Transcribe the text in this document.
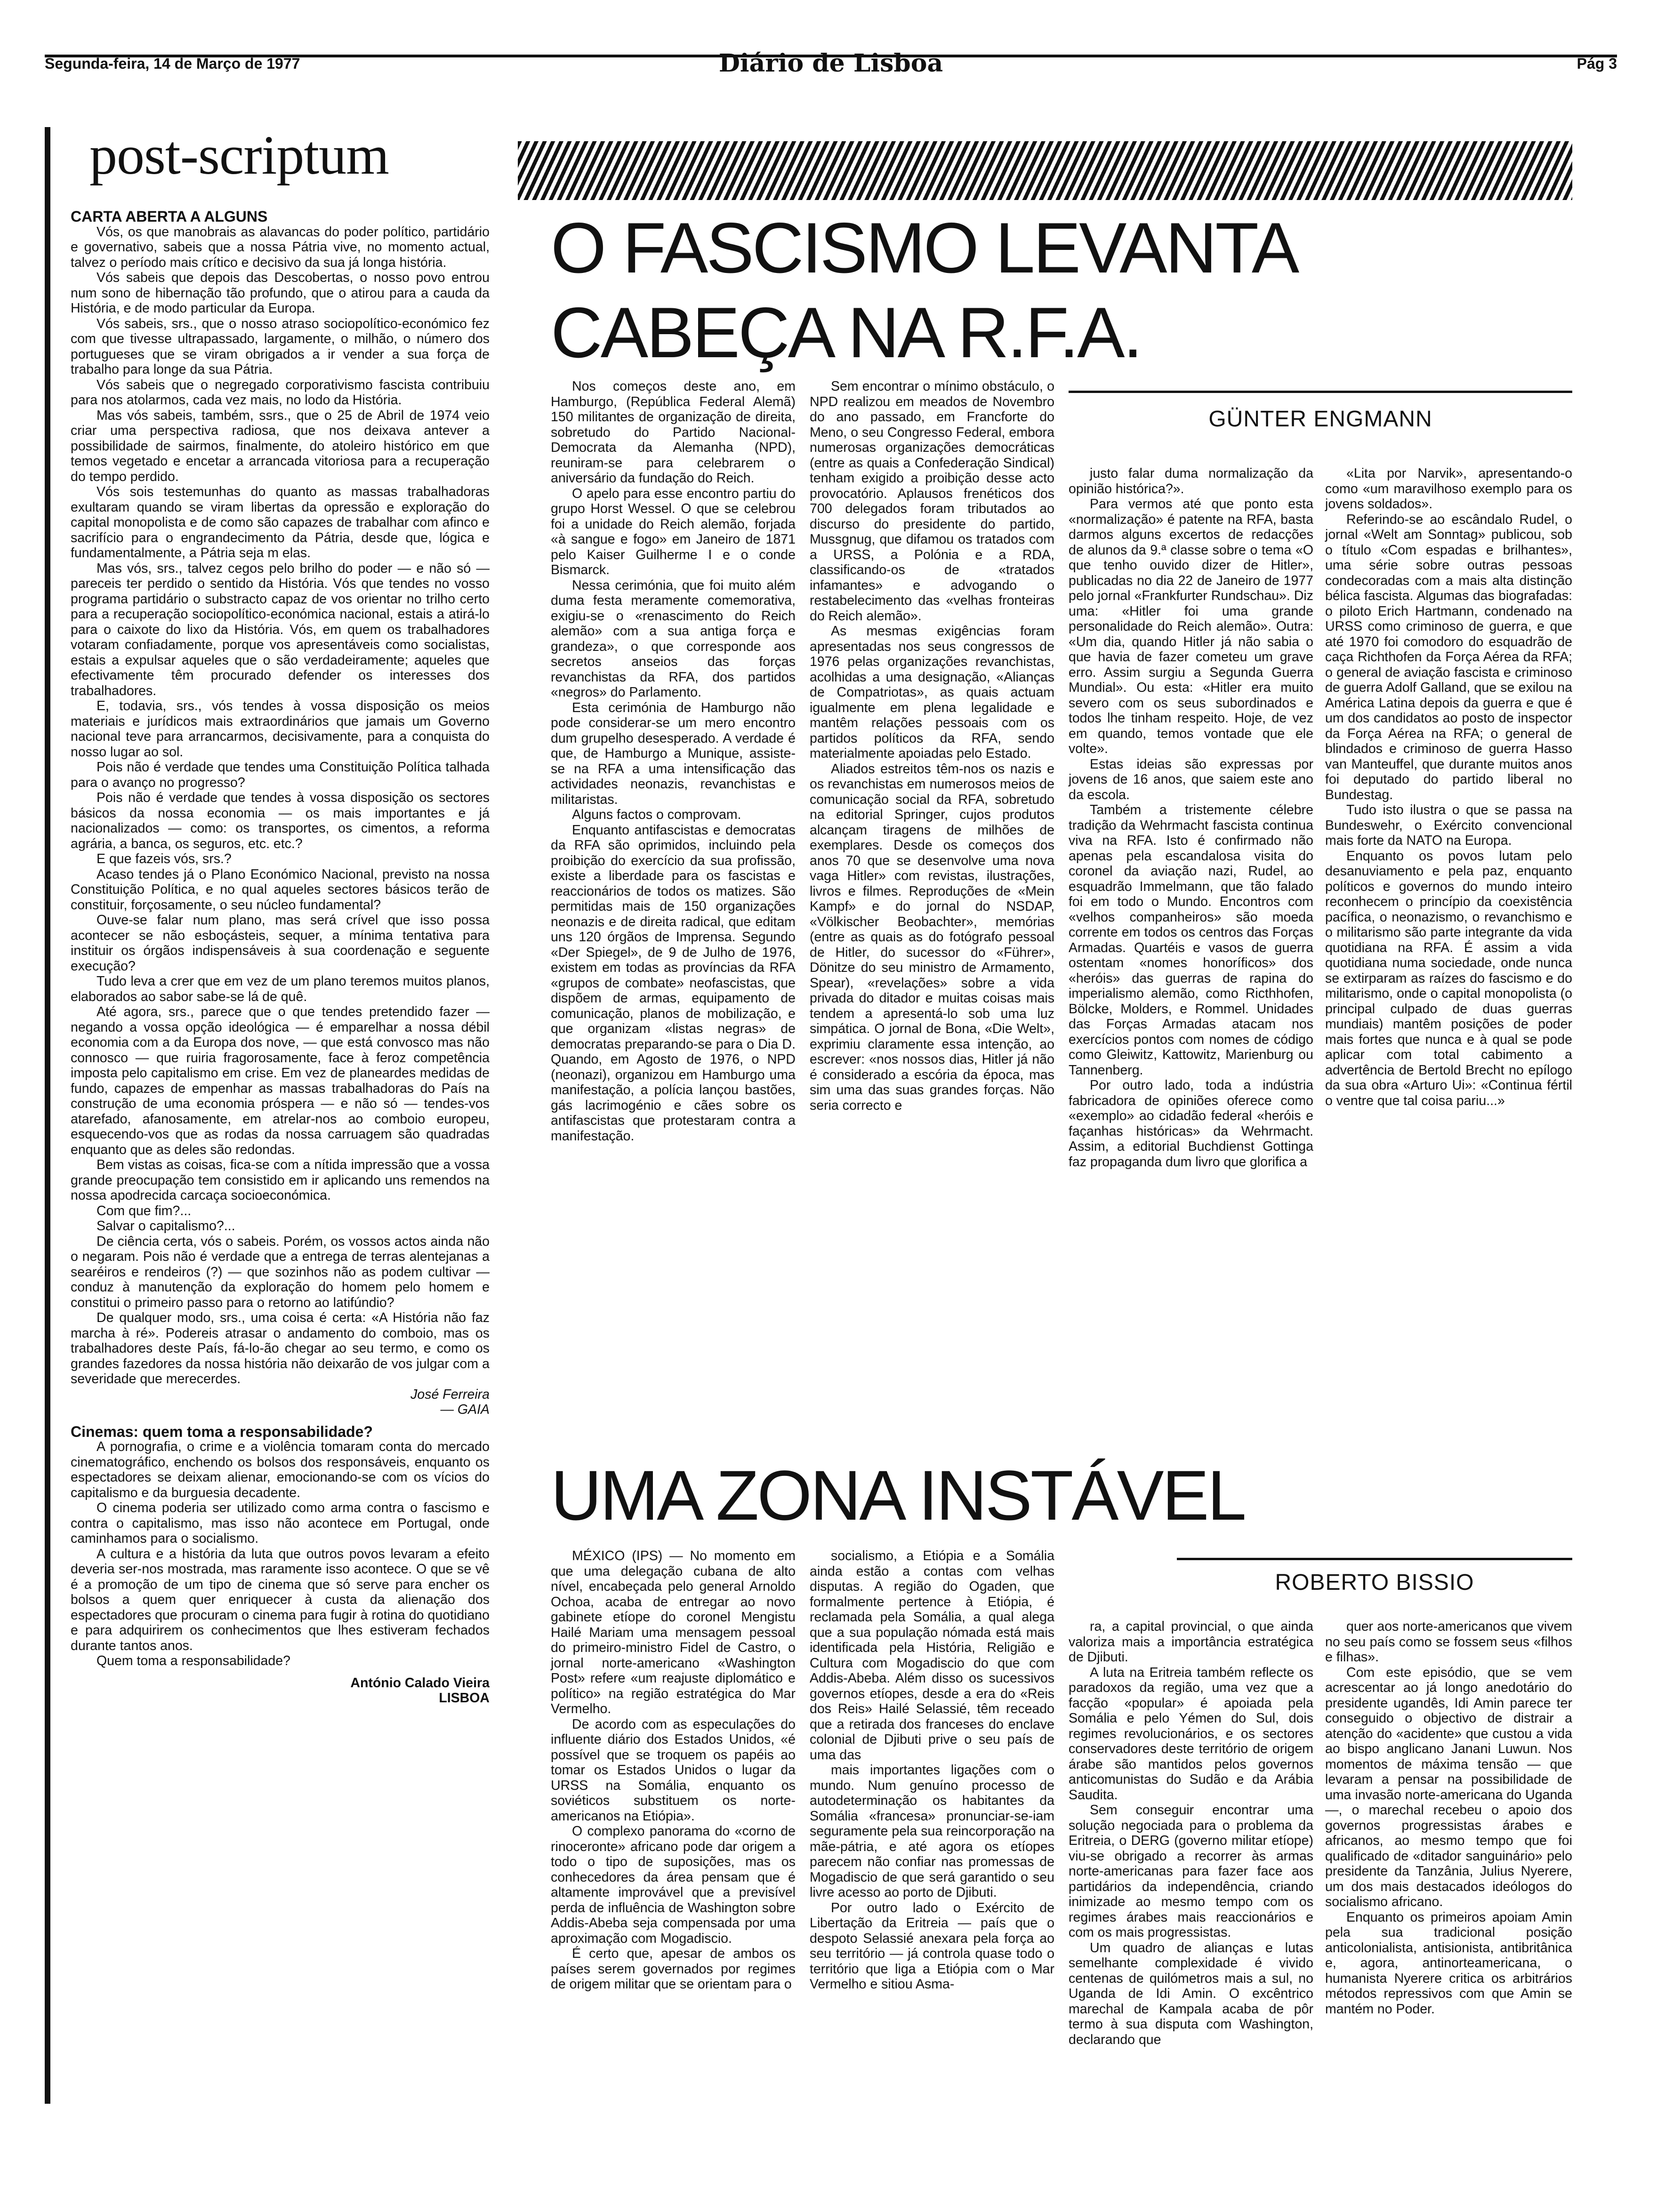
Segunda-feira, 14 de Março de 1977	Diário de Lisboa	Pág 3
post-scriptum

CARTA ABERTA A ALGUNS

Vós, os que manobrais as alavancas do poder político, partidário e governativo, sabeis que a nossa Pátria vive, no momento actual, talvez o período mais crítico e decisivo da sua já longa história.

Vós sabeis que depois das Descobertas, o nosso povo entrou num sono de hibernação tão profundo, que o atirou para a cauda da História, e de modo particular da Europa.

Vós sabeis, srs., que o nosso atraso sociopolítico-económico fez com que tivesse ultrapassado, largamente, o milhão, o número dos portugueses que se viram obrigados a ir vender a sua força de trabalho para longe da sua Pátria.

Vós sabeis que o negregado corporativismo fascista contribuiu para nos atolarmos, cada vez mais, no lodo da História.

Mas vós sabeis, também, ssrs., que o 25 de Abril de 1974 veio criar uma perspectiva radiosa, que nos deixava antever a possibilidade de sairmos, finalmente, do atoleiro histórico em que temos vegetado e encetar a arrancada vitoriosa para a recuperação do tempo perdido.

Vós sois testemunhas do quanto as massas trabalhadoras exultaram quando se viram libertas da opressão e exploração do capital monopolista e de como são capazes de trabalhar com afinco e sacrifício para o engrandecimento da Pátria, desde que, lógica e fundamentalmente, a Pátria seja m elas.

Mas vós, srs., talvez cegos pelo brilho do poder — e não só — pareceis ter perdido o sentido da História. Vós que tendes no vosso programa partidário o substracto capaz de vos orientar no trilho certo para a recuperação sociopolítico-económica nacional, estais a atirá-lo para o caixote do lixo da História. Vós, em quem os trabalhadores votaram confiadamente, porque vos apresentáveis como socialistas, estais a expulsar aqueles que o são verdadeiramente; aqueles que efectivamente têm procurado defender os interesses dos trabalhadores.

E, todavia, srs., vós tendes à vossa disposição os meios materiais e jurídicos mais extraordinários que jamais um Governo nacional teve para arrancarmos, decisivamente, para a conquista do nosso lugar ao sol.

Pois não é verdade que tendes uma Constituição Política talhada para o avanço no progresso?

Pois não é verdade que tendes à vossa disposição os sectores básicos da nossa economia — os mais importantes e já nacionalizados — como: os transportes, os cimentos, a reforma agrária, a banca, os seguros, etc. etc.?

E que fazeis vós, srs.?

Acaso tendes já o Plano Económico Nacional, previsto na nossa Constituição Política, e no qual aqueles sectores básicos terão de constituir, forçosamente, o seu núcleo fundamental?

Ouve-se falar num plano, mas será crível que isso possa acontecer se não esboçásteis, sequer, a mínima tentativa para instituir os órgãos indispensáveis à sua coordenação e seguente execução?

Tudo leva a crer que em vez de um plano teremos muitos planos, elaborados ao sabor sabe-se lá de quê.

Até agora, srs., parece que o que tendes pretendido fazer — negando a vossa opção ideológica — é emparelhar a nossa débil economia com a da Europa dos nove, — que está convosco mas não connosco — que ruiria fragorosamente, face à feroz competência imposta pelo capitalismo em crise. Em vez de planeardes medidas de fundo, capazes de empenhar as massas trabalhadoras do País na construção de uma economia próspera — e não só — tendes-vos atarefado, afanosamente, em atrelar-nos ao comboio europeu, esquecendo-vos que as rodas da nossa carruagem são quadradas enquanto que as deles são redondas.

Bem vistas as coisas, fica-se com a nítida impressão que a vossa grande preocupação tem consistido em ir aplicando uns remendos na nossa apodrecida carcaça socioeconómica.

Com que fim?...

Salvar o capitalismo?...

De ciência certa, vós o sabeis. Porém, os vossos actos ainda não o negaram. Pois não é verdade que a entrega de terras alentejanas a searéiros e rendeiros (?) — que sozinhos não as podem cultivar — conduz à manutenção da exploração do homem pelo homem e constitui o primeiro passo para o retorno ao latifúndio?

De qualquer modo, srs., uma coisa é certa: «A História não faz marcha à ré». Podereis atrasar o andamento do comboio, mas os trabalhadores deste País, fá-lo-ão chegar ao seu termo, e como os grandes fazedores da nossa história não deixarão de vos julgar com a severidade que merecerdes.

José Ferreira

— GAIA

Cinemas: quem toma a responsabilidade?

A pornografia, o crime e a violência tomaram conta do mercado cinematográfico, enchendo os bolsos dos responsáveis, enquanto os espectadores se deixam alienar, emocionando-se com os vícios do capitalismo e da burguesia decadente.

O cinema poderia ser utilizado como arma contra o fascismo e contra o capitalismo, mas isso não acontece em Portugal, onde caminhamos para o socialismo.

A cultura e a história da luta que outros povos levaram a efeito deveria ser-nos mostrada, mas raramente isso acontece. O que se vê é a promoção de um tipo de cinema que só serve para encher os bolsos a quem quer enriquecer à custa da alienação dos espectadores que procuram o cinema para fugir à rotina do quotidiano e para adquirirem os conhecimentos que lhes estiveram fechados durante tantos anos.

Quem toma a responsabilidade?

António Calado Vieira

LISBOA

O FASCISMO LEVANTA
CABEÇA NA R.F.A.
GÜNTER ENGMANN

Nos começos deste ano, em Hamburgo, (República Federal Alemã) 150 militantes de organização de direita, sobretudo do Partido Nacional-Democrata da Alemanha (NPD), reuniram-se para celebrarem o aniversário da fundação do Reich.

O apelo para esse encontro partiu do grupo Horst Wessel. O que se celebrou foi a unidade do Reich alemão, forjada «à sangue e fogo» em Janeiro de 1871 pelo Kaiser Guilherme I e o conde Bismarck.

Nessa cerimónia, que foi muito além duma festa meramente comemorativa, exigiu-se o «renascimento do Reich alemão» com a sua antiga força e grandeza», o que corresponde aos secretos anseios das forças revanchistas da RFA, dos partidos «negros» do Parlamento.

Esta cerimónia de Hamburgo não pode considerar-se um mero encontro dum grupelho desesperado. A verdade é que, de Hamburgo a Munique, assiste-se na RFA a uma intensificação das actividades neonazis, revanchistas e militaristas.

Alguns factos o comprovam.

Enquanto antifascistas e democratas da RFA são oprimidos, incluindo pela proibição do exercício da sua profissão, existe a liberdade para os fascistas e reaccionários de todos os matizes. São permitidas mais de 150 organizações neonazis e de direita radical, que editam uns 120 órgãos de Imprensa. Segundo «Der Spiegel», de 9 de Julho de 1976, existem em todas as províncias da RFA «grupos de combate» neofascistas, que dispõem de armas, equipamento de comunicação, planos de mobilização, e que organizam «listas negras» de democratas preparando-se para o Dia D. Quando, em Agosto de 1976, o NPD (neonazi), organizou em Hamburgo uma manifestação, a polícia lançou bastões, gás lacrimogénio e cães sobre os antifascistas que protestaram contra a manifestação.

Sem encontrar o mínimo obstáculo, o NPD realizou em meados de Novembro do ano passado, em Francforte do Meno, o seu Congresso Federal, embora numerosas organizações democráticas (entre as quais a Confederação Sindical) tenham exigido a proibição desse acto provocatório. Aplausos frenéticos dos 700 delegados foram tributados ao discurso do presidente do partido, Mussgnug, que difamou os tratados com a URSS, a Polónia e a RDA, classificando-os de «tratados infamantes» e advogando o restabelecimento das «velhas fronteiras do Reich alemão».

As mesmas exigências foram apresentadas nos seus congressos de 1976 pelas organizações revanchistas, acolhidas a uma designação, «Alianças de Compatriotas», as quais actuam igualmente em plena legalidade e mantêm relações pessoais com os partidos políticos da RFA, sendo materialmente apoiadas pelo Estado.

Aliados estreitos têm-nos os nazis e os revanchistas em numerosos meios de comunicação social da RFA, sobretudo na editorial Springer, cujos produtos alcançam tiragens de milhões de exemplares. Desde os começos dos anos 70 que se desenvolve uma nova vaga Hitler» com revistas, ilustrações, livros e filmes. Reproduções de «Mein Kampf» e do jornal do NSDAP, «Völkischer Beobachter», memórias (entre as quais as do fotógrafo pessoal de Hitler, do sucessor do «Führer», Dönitze do seu ministro de Armamento, Spear), «revelações» sobre a vida privada do ditador e muitas coisas mais tendem a apresentá-lo sob uma luz simpática. O jornal de Bona, «Die Welt», exprimiu claramente essa intenção, ao escrever: «nos nossos dias, Hitler já não é considerado a escória da época, mas sim uma das suas grandes forças. Não seria correcto e

justo falar duma normalização da opinião histórica?».

Para vermos até que ponto esta «normalização» é patente na RFA, basta darmos alguns excertos de redacções de alunos da 9.ª classe sobre o tema «O que tenho ouvido dizer de Hitler», publicadas no dia 22 de Janeiro de 1977 pelo jornal «Frankfurter Rundschau». Diz uma: «Hitler foi uma grande personalidade do Reich alemão». Outra: «Um dia, quando Hitler já não sabia o que havia de fazer cometeu um grave erro. Assim surgiu a Segunda Guerra Mundial». Ou esta: «Hitler era muito severo com os seus subordinados e todos lhe tinham respeito. Hoje, de vez em quando, temos vontade que ele volte».

Estas ideias são expressas por jovens de 16 anos, que saiem este ano da escola.

Também a tristemente célebre tradição da Wehrmacht fascista continua viva na RFA. Isto é confirmado não apenas pela escandalosa visita do coronel da aviação nazi, Rudel, ao esquadrão Immelmann, que tão falado foi em todo o Mundo. Encontros com «velhos companheiros» são moeda corrente em todos os centros das Forças Armadas. Quartéis e vasos de guerra ostentam «nomes honoríficos» dos «heróis» das guerras de rapina do imperialismo alemão, como Ricthhofen, Bölcke, Molders, e Rommel. Unidades das Forças Armadas atacam nos exercícios pontos com nomes de código como Gleiwitz, Kattowitz, Marienburg ou Tannenberg.

Por outro lado, toda a indústria fabricadora de opiniões oferece como «exemplo» ao cidadão federal «heróis e façanhas históricas» da Wehrmacht. Assim, a editorial Buchdienst Gottinga faz propaganda dum livro que glorifica a

«Lita por Narvik», apresentando-o como «um maravilhoso exemplo para os jovens soldados».

Referindo-se ao escândalo Rudel, o jornal «Welt am Sonntag» publicou, sob o título «Com espadas e brilhantes», uma série sobre outras pessoas condecoradas com a mais alta distinção bélica fascista. Algumas das biografadas: o piloto Erich Hartmann, condenado na URSS como criminoso de guerra, e que até 1970 foi comodoro do esquadrão de caça Richthofen da Força Aérea da RFA; o general de aviação fascista e criminoso de guerra Adolf Galland, que se exilou na América Latina depois da guerra e que é um dos candidatos ao posto de inspector da Força Aérea na RFA; o general de blindados e criminoso de guerra Hasso van Manteuffel, que durante muitos anos foi deputado do partido liberal no Bundestag.

Tudo isto ilustra o que se passa na Bundeswehr, o Exército convencional mais forte da NATO na Europa.

Enquanto os povos lutam pelo desanuviamento e pela paz, enquanto políticos e governos do mundo inteiro reconhecem o princípio da coexistência pacífica, o neonazismo, o revanchismo e o militarismo são parte integrante da vida quotidiana na RFA. É assim a vida quotidiana numa sociedade, onde nunca se extirparam as raízes do fascismo e do militarismo, onde o capital monopolista (o principal culpado de duas guerras mundiais) mantêm posições de poder mais fortes que nunca e à qual se pode aplicar com total cabimento a advertência de Bertold Brecht no epílogo da sua obra «Arturo Ui»: «Continua fértil o ventre que tal coisa pariu...»

UMA ZONA INSTÁVEL
ROBERTO BISSIO

MÉXICO (IPS) — No momento em que uma delegação cubana de alto nível, encabeçada pelo general Arnoldo Ochoa, acaba de entregar ao novo gabinete etíope do coronel Mengistu Hailé Mariam uma mensagem pessoal do primeiro-ministro Fidel de Castro, o jornal norte-americano «Washington Post» refere «um reajuste diplomático e político» na região estratégica do Mar Vermelho.

De acordo com as especulações do influente diário dos Estados Unidos, «é possível que se troquem os papéis ao tomar os Estados Unidos o lugar da URSS na Somália, enquanto os soviéticos substituem os norte-americanos na Etiópia».

O complexo panorama do «corno de rinoceronte» africano pode dar origem a todo o tipo de suposições, mas os conhecedores da área pensam que é altamente improvável que a previsível perda de influência de Washington sobre Addis-Abeba seja compensada por uma aproximação com Mogadiscio.

É certo que, apesar de ambos os países serem governados por regimes de origem militar que se orientam para o

socialismo, a Etiópia e a Somália ainda estão a contas com velhas disputas. A região do Ogaden, que formalmente pertence à Etiópia, é reclamada pela Somália, a qual alega que a sua população nómada está mais identificada pela História, Religião e Cultura com Mogadiscio do que com Addis-Abeba. Além disso os sucessivos governos etíopes, desde a era do «Reis dos Reis» Hailé Selassié, têm receado que a retirada dos franceses do enclave colonial de Djibuti prive o seu país de uma das

mais importantes ligações com o mundo. Num genuíno processo de autodeterminação os habitantes da Somália «francesa» pronunciar-se-iam seguramente pela sua reincorporação na mãe-pátria, e até agora os etíopes parecem não confiar nas promessas de Mogadiscio de que será garantido o seu livre acesso ao porto de Djibuti.

Por outro lado o Exército de Libertação da Eritreia — país que o despoto Selassié anexara pela força ao seu território — já controla quase todo o território que liga a Etiópia com o Mar Vermelho e sitiou Asma-

ra, a capital provincial, o que ainda valoriza mais a importância estratégica de Djibuti.

A luta na Eritreia também reflecte os paradoxos da região, uma vez que a facção «popular» é apoiada pela Somália e pelo Yémen do Sul, dois regimes revolucionários, e os sectores conservadores deste território de origem árabe são mantidos pelos governos anticomunistas do Sudão e da Arábia Saudita.

Sem conseguir encontrar uma solução negociada para o problema da Eritreia, o DERG (governo militar etíope) viu-se obrigado a recorrer às armas norte-americanas para fazer face aos partidários da independência, criando inimizade ao mesmo tempo com os regimes árabes mais reaccionários e com os mais progressistas.

Um quadro de alianças e lutas semelhante complexidade é vivido centenas de quilómetros mais a sul, no Uganda de Idi Amin. O excêntrico marechal de Kampala acaba de pôr termo à sua disputa com Washington, declarando que

quer aos norte-americanos que vivem no seu país como se fossem seus «filhos e filhas».

Com este episódio, que se vem acrescentar ao já longo anedotário do presidente ugandês, Idi Amin parece ter conseguido o objectivo de distrair a atenção do «acidente» que custou a vida ao bispo anglicano Janani Luwun. Nos momentos de máxima tensão — que levaram a pensar na possibilidade de uma invasão norte-americana do Uganda —, o marechal recebeu o apoio dos governos progressistas árabes e africanos, ao mesmo tempo que foi qualificado de «ditador sanguinário» pelo presidente da Tanzânia, Julius Nyerere, um dos mais destacados ideólogos do socialismo africano.

Enquanto os primeiros apoiam Amin pela sua tradicional posição anticolonialista, antisionista, antibritânica e, agora, antinorteamericana, o humanista Nyerere critica os arbitrários métodos repressivos com que Amin se mantém no Poder.
